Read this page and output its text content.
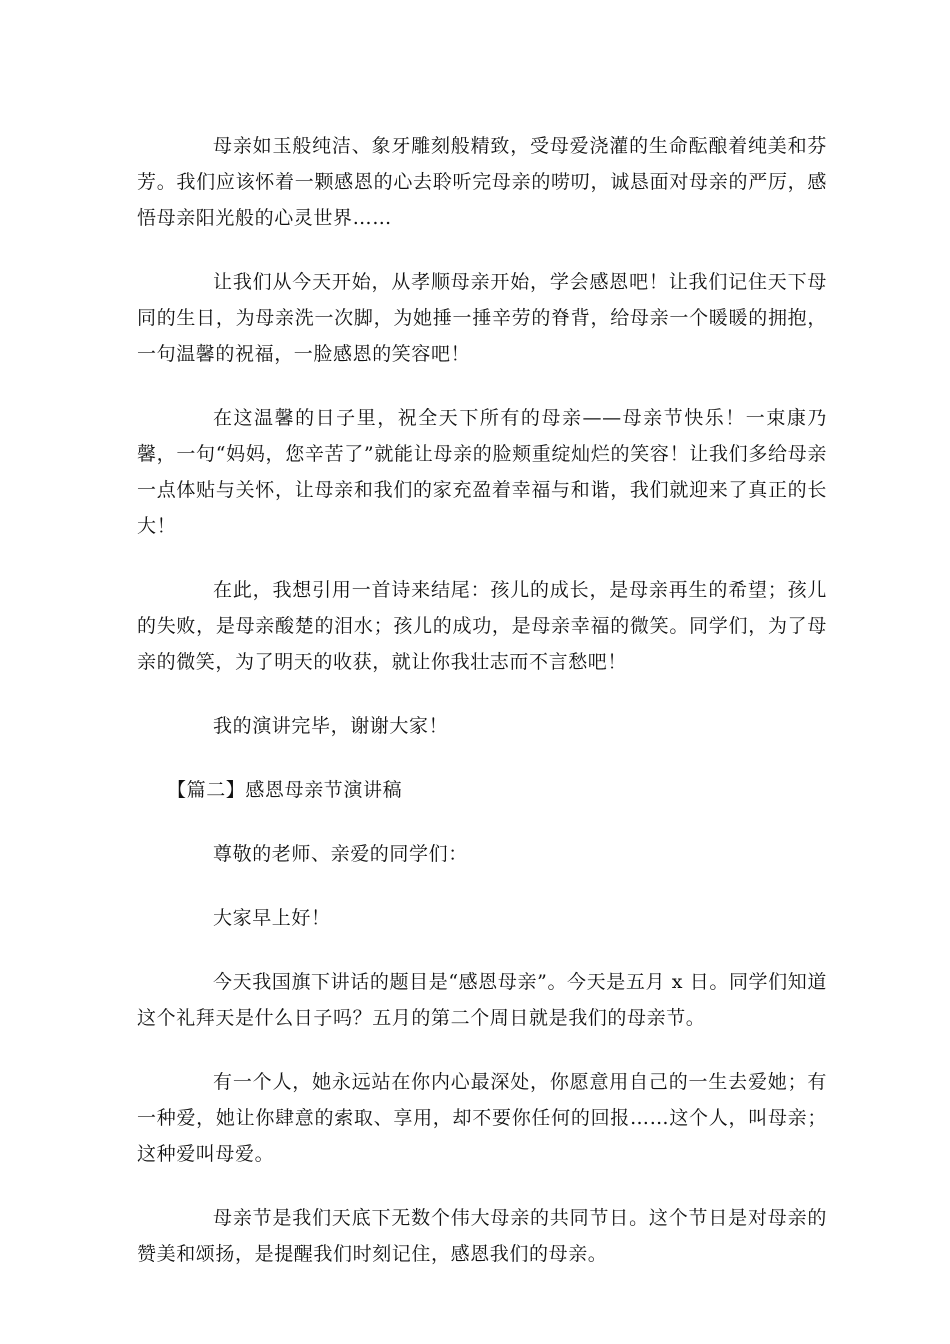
母亲如玉般纯洁、象牙雕刻般精致，受母爱浇灌的生命酝酿着纯美和芬芳。我们应该怀着一颗感恩的心去聆听完母亲的唠叨，诚恳面对母亲的严厉，感悟母亲阳光般的心灵世界……

让我们从今天开始，从孝顺母亲开始，学会感恩吧！让我们记住天下母同的生日，为母亲洗一次脚，为她捶一捶辛劳的脊背，给母亲一个暖暖的拥抱，一句温馨的祝福，一脸感恩的笑容吧！

在这温馨的日子里，祝全天下所有的母亲——母亲节快乐！一束康乃馨，一句“妈妈，您辛苦了”就能让母亲的脸颊重绽灿烂的笑容！让我们多给母亲一点体贴与关怀，让母亲和我们的家充盈着幸福与和谐，我们就迎来了真正的长大！

在此，我想引用一首诗来结尾：孩儿的成长，是母亲再生的希望；孩儿的失败，是母亲酸楚的泪水；孩儿的成功，是母亲幸福的微笑。同学们，为了母亲的微笑，为了明天的收获，就让你我壮志而不言愁吧！

我的演讲完毕，谢谢大家！

【篇二】感恩母亲节演讲稿

尊敬的老师、亲爱的同学们：

大家早上好！

今天我国旗下讲话的题目是“感恩母亲”。今天是五月 x 日。同学们知道这个礼拜天是什么日子吗？五月的第二个周日就是我们的母亲节。

有一个人，她永远站在你内心最深处，你愿意用自己的一生去爱她；有一种爱，她让你肆意的索取、享用，却不要你任何的回报……这个人，叫母亲；这种爱叫母爱。

母亲节是我们天底下无数个伟大母亲的共同节日。这个节日是对母亲的赞美和颂扬，是提醒我们时刻记住，感恩我们的母亲。
